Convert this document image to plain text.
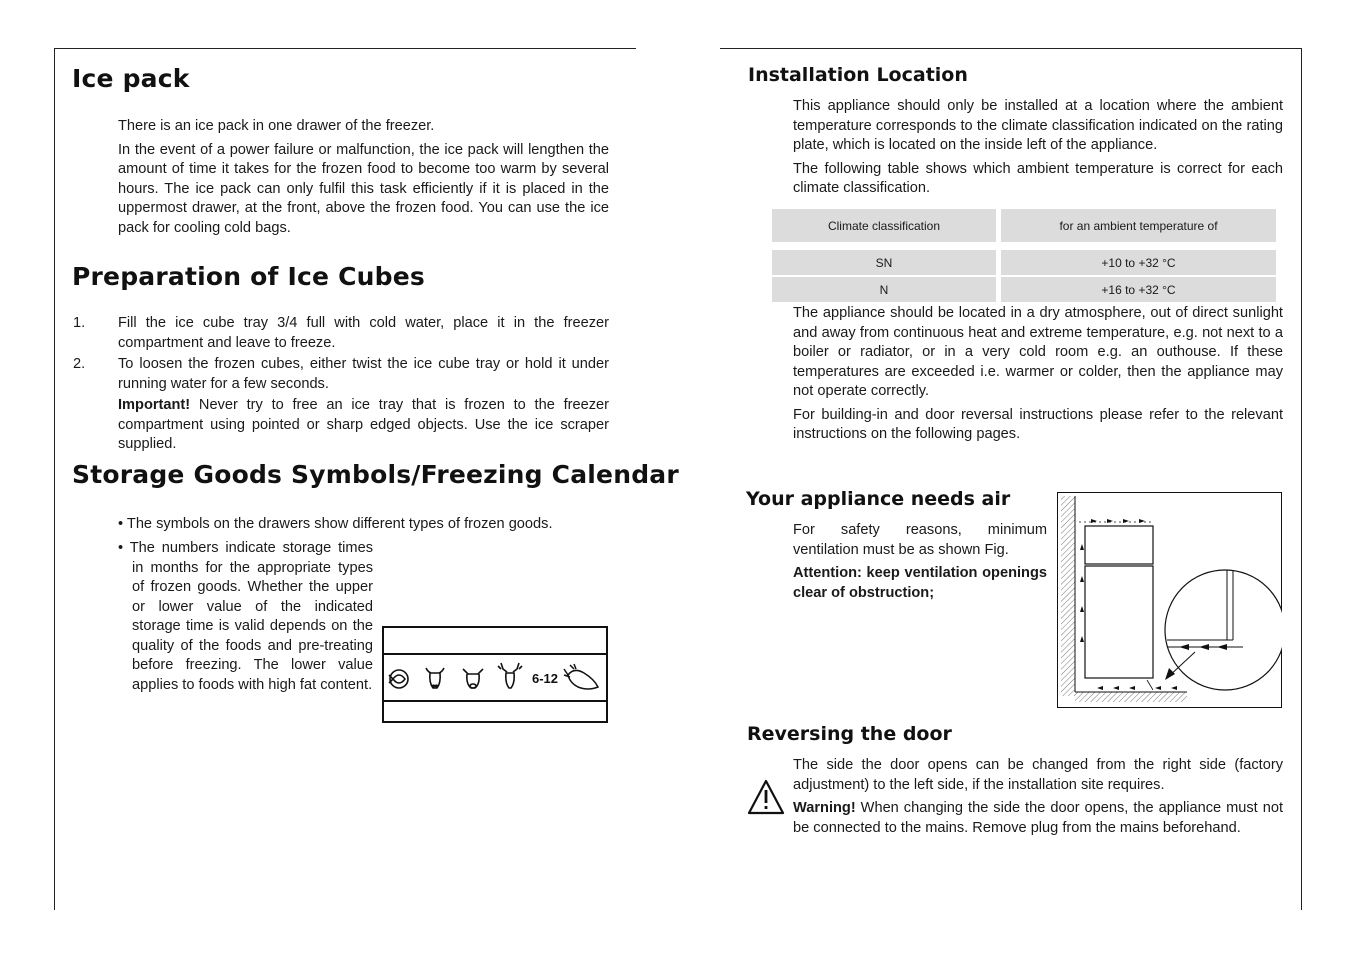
Ice pack

There is an ice pack in one drawer of the freezer.

In the event of a power failure or malfunction, the ice pack will lengthen the amount of time it takes for the frozen food to become too warm by several hours. The ice pack can only fulfil this task efficiently if it is placed in the uppermost drawer, at the front, above the frozen food. You can use the ice pack for cooling cold bags.

Preparation of Ice Cubes
1. Fill the ice cube tray 3/4 full with cold water, place it in the freezer compartment and leave to freeze.
2. To loosen the frozen cubes, either twist the ice cube tray or hold it under running water for a few seconds.
Important! Never try to free an ice tray that is frozen to the freezer compartment using pointed or sharp edged objects. Use the ice scraper supplied.
Storage Goods Symbols/Freezing Calendar
• The symbols on the drawers show different types of frozen goods.
• The numbers indicate storage times in months for the appropriate types of frozen goods. Whether the upper or lower value of the indicated storage time is valid depends on the quality of the foods and pre-treating before freezing. The lower value applies to foods with high fat content.	6-12
Installation Location

This appliance should only be installed at a location where the ambient temperature corresponds to the climate classification indicated on the rating plate, which is located on the inside left of the appliance.

The following table shows which ambient temperature is correct for each climate classification.

Climate classification	for an ambient temperature of

SN	+10 to +32 °C

N	+16 to +32 °C

The appliance should be located in a dry atmosphere, out of direct sunlight and away from continuous heat and extreme temperature, e.g. not next to a boiler or radiator, or in a very cold room e.g. an outhouse. If these temperatures are exceeded i.e. warmer or colder, then the appliance may not operate correctly.

For building-in and door reversal instructions please refer to the relevant instructions on the following pages.

Your appliance needs air

For safety reasons, minimum ventilation must be as shown Fig.

Attention: keep ventilation openings clear of obstruction;

Reversing the door

The side the door opens can be changed from the right side (factory adjustment) to the left side, if the installation site requires.

Warning! When changing the side the door opens, the appliance must not be connected to the mains. Remove plug from the mains beforehand.
